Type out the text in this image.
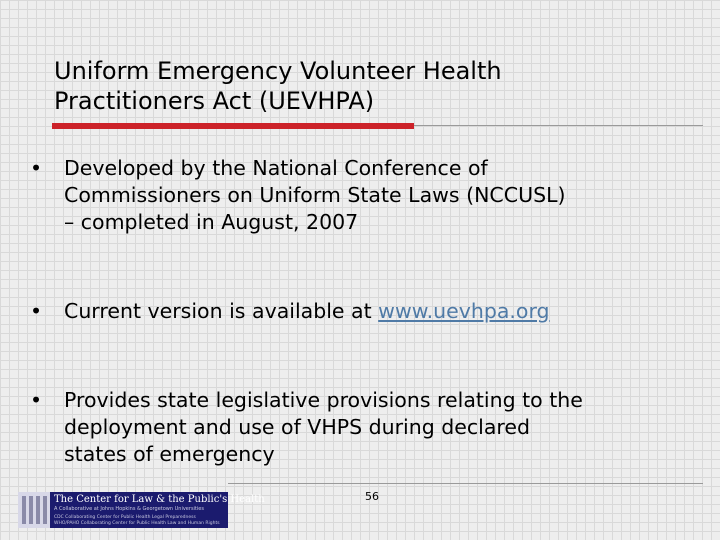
Uniform Emergency Volunteer Health
Practitioners Act (UEVHPA)
•	Developed by the National Conference of
Commissioners on Uniform State Laws (NCCUSL)
– completed in August, 2007
•	Current version is available at www.uevhpa.org
•	Provides state legislative provisions relating to the
deployment and use of VHPS during declared
states of emergency
56
The Center for Law & the Public's Health
A Collaborative at Johns Hopkins & Georgetown Universities
CDC Collaborating Center for Public Health Legal Preparedness
WHO/PAHO Collaborating Center for Public Health Law and Human Rights
